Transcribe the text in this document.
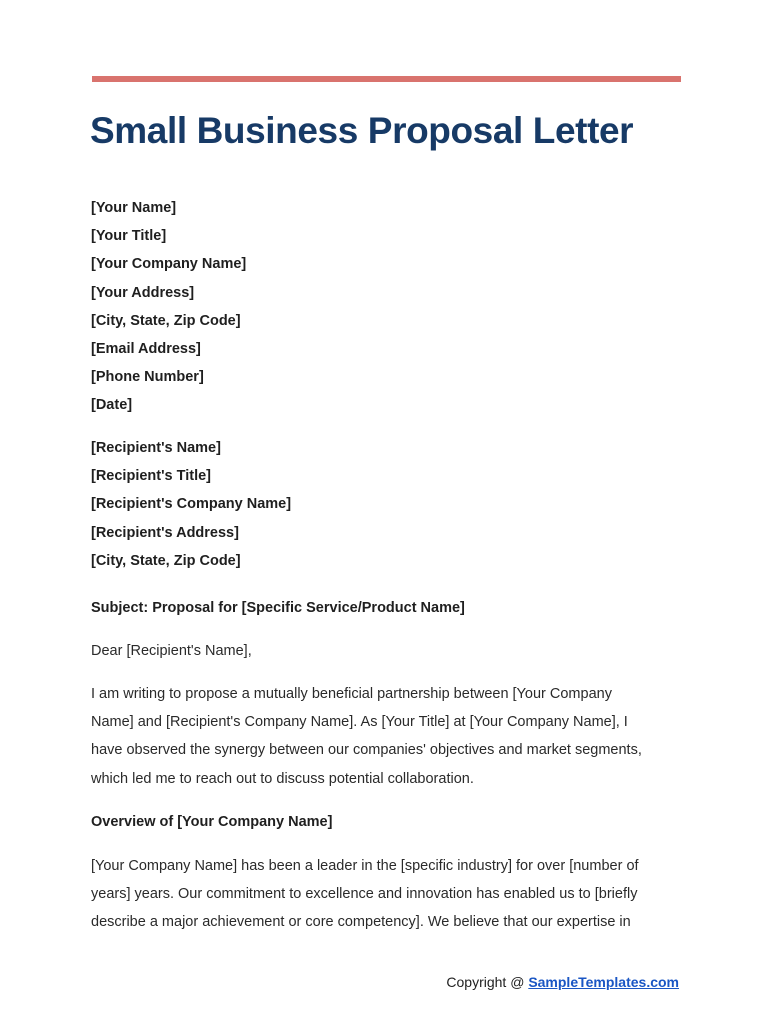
Small Business Proposal Letter
[Your Name]
[Your Title]
[Your Company Name]
[Your Address]
[City, State, Zip Code]
[Email Address]
[Phone Number]
[Date]
[Recipient's Name]
[Recipient's Title]
[Recipient's Company Name]
[Recipient's Address]
[City, State, Zip Code]

Subject: Proposal for [Specific Service/Product Name]

Dear [Recipient's Name],

I am writing to propose a mutually beneficial partnership between [Your Company
Name] and [Recipient's Company Name]. As [Your Title] at [Your Company Name], I
have observed the synergy between our companies' objectives and market segments,
which led me to reach out to discuss potential collaboration.

Overview of [Your Company Name]

[Your Company Name] has been a leader in the [specific industry] for over [number of
years] years. Our commitment to excellence and innovation has enabled us to [briefly
describe a major achievement or core competency]. We believe that our expertise in

Copyright @ SampleTemplates.com
